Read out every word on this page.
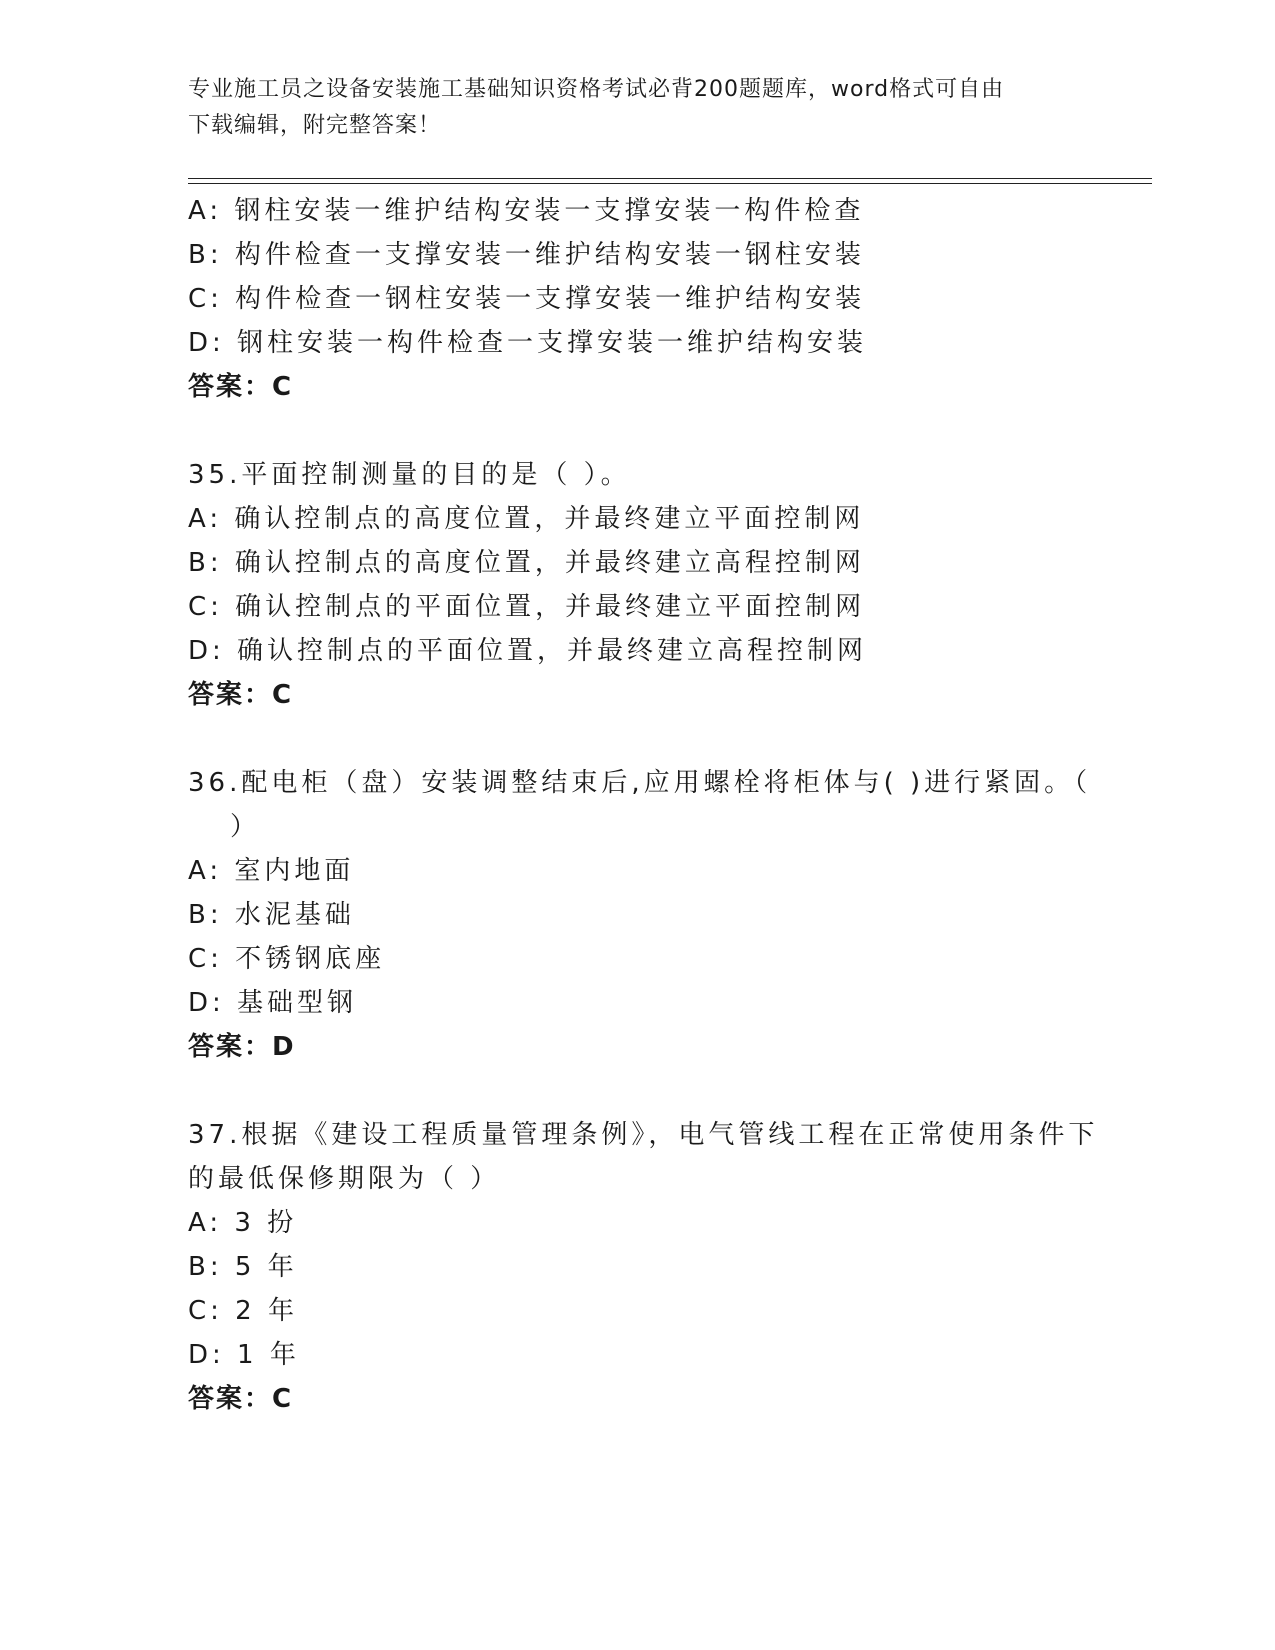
专业施工员之设备安装施工基础知识资格考试必背200题题库，word格式可自由
下载编辑，附完整答案！
A: 钢柱安装一维护结构安装一支撑安装一构件检查
B: 构件检查一支撑安装一维护结构安装一钢柱安装
C: 构件检查一钢柱安装一支撑安装一维护结构安装
D: 钢柱安装一构件检查一支撑安装一维护结构安装
答案：C
35.平面控制测量的目的是（ ）。
A: 确认控制点的高度位置，并最终建立平面控制网
B: 确认控制点的高度位置，并最终建立高程控制网
C: 确认控制点的平面位置，并最终建立平面控制网
D: 确认控制点的平面位置，并最终建立高程控制网
答案：C
36.配电柜（盘）安装调整结束后,应用螺栓将柜体与( )进行紧固。（
）
A: 室内地面
B: 水泥基础
C: 不锈钢底座
D: 基础型钢
答案：D
37.根据《建设工程质量管理条例》，电气管线工程在正常使用条件下
的最低保修期限为（ ）
A: 3 扮
B: 5 年
C: 2 年
D: 1 年
答案：C
